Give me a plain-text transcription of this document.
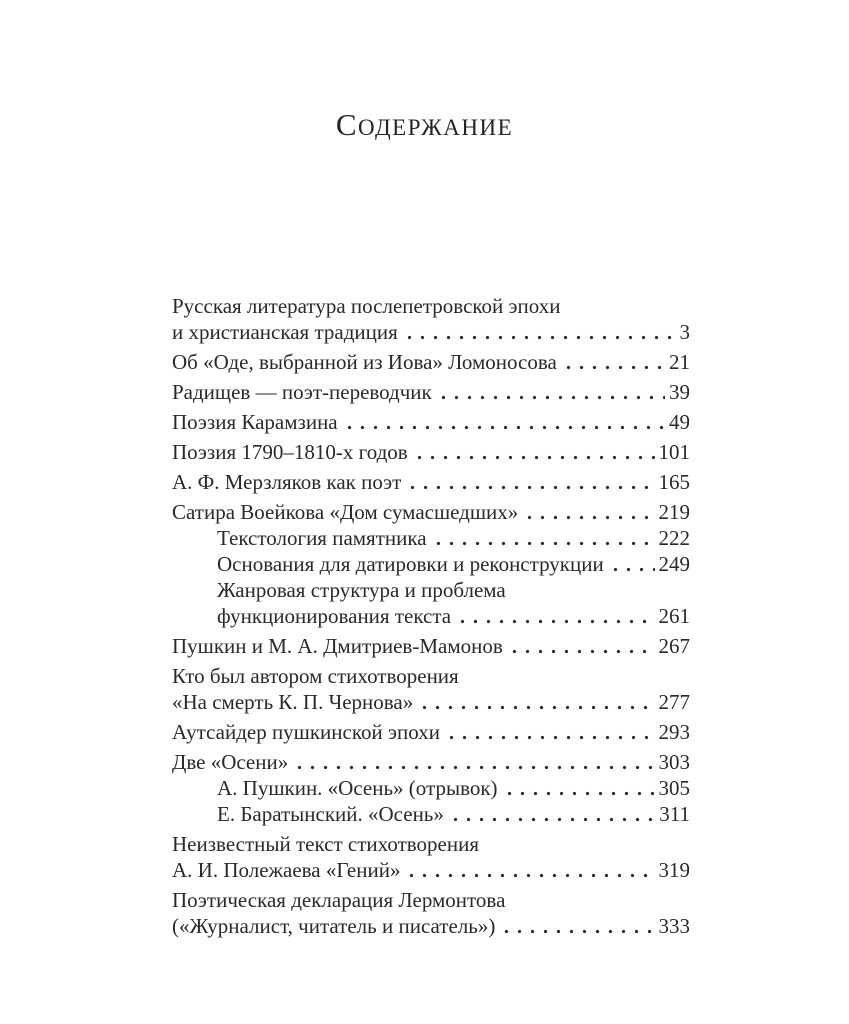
СОДЕРЖАНИЕ
Русская литература послепетровской эпохи
и христианская традиция	3
Об «Оде, выбранной из Иова» Ломоносова	21
Радищев — поэт-переводчик	39
Поэзия Карамзина	49
Поэзия 1790–1810-х годов	101
А. Ф. Мерзляков как поэт	165
Сатира Воейкова «Дом сумасшедших»	219
Текстология памятника	222
Основания для датировки и реконструкции	249
Жанровая структура и проблема
функционирования текста	261
Пушкин и М. А. Дмитриев-Мамонов	267
Кто был автором стихотворения
«На смерть К. П. Чернова»	277
Аутсайдер пушкинской эпохи	293
Две «Осени»	303
А. Пушкин. «Осень» (отрывок)	305
Е. Баратынский. «Осень»	311
Неизвестный текст стихотворения
А. И. Полежаева «Гений»	319
Поэтическая декларация Лермонтова
(«Журналист, читатель и писатель»)	333
